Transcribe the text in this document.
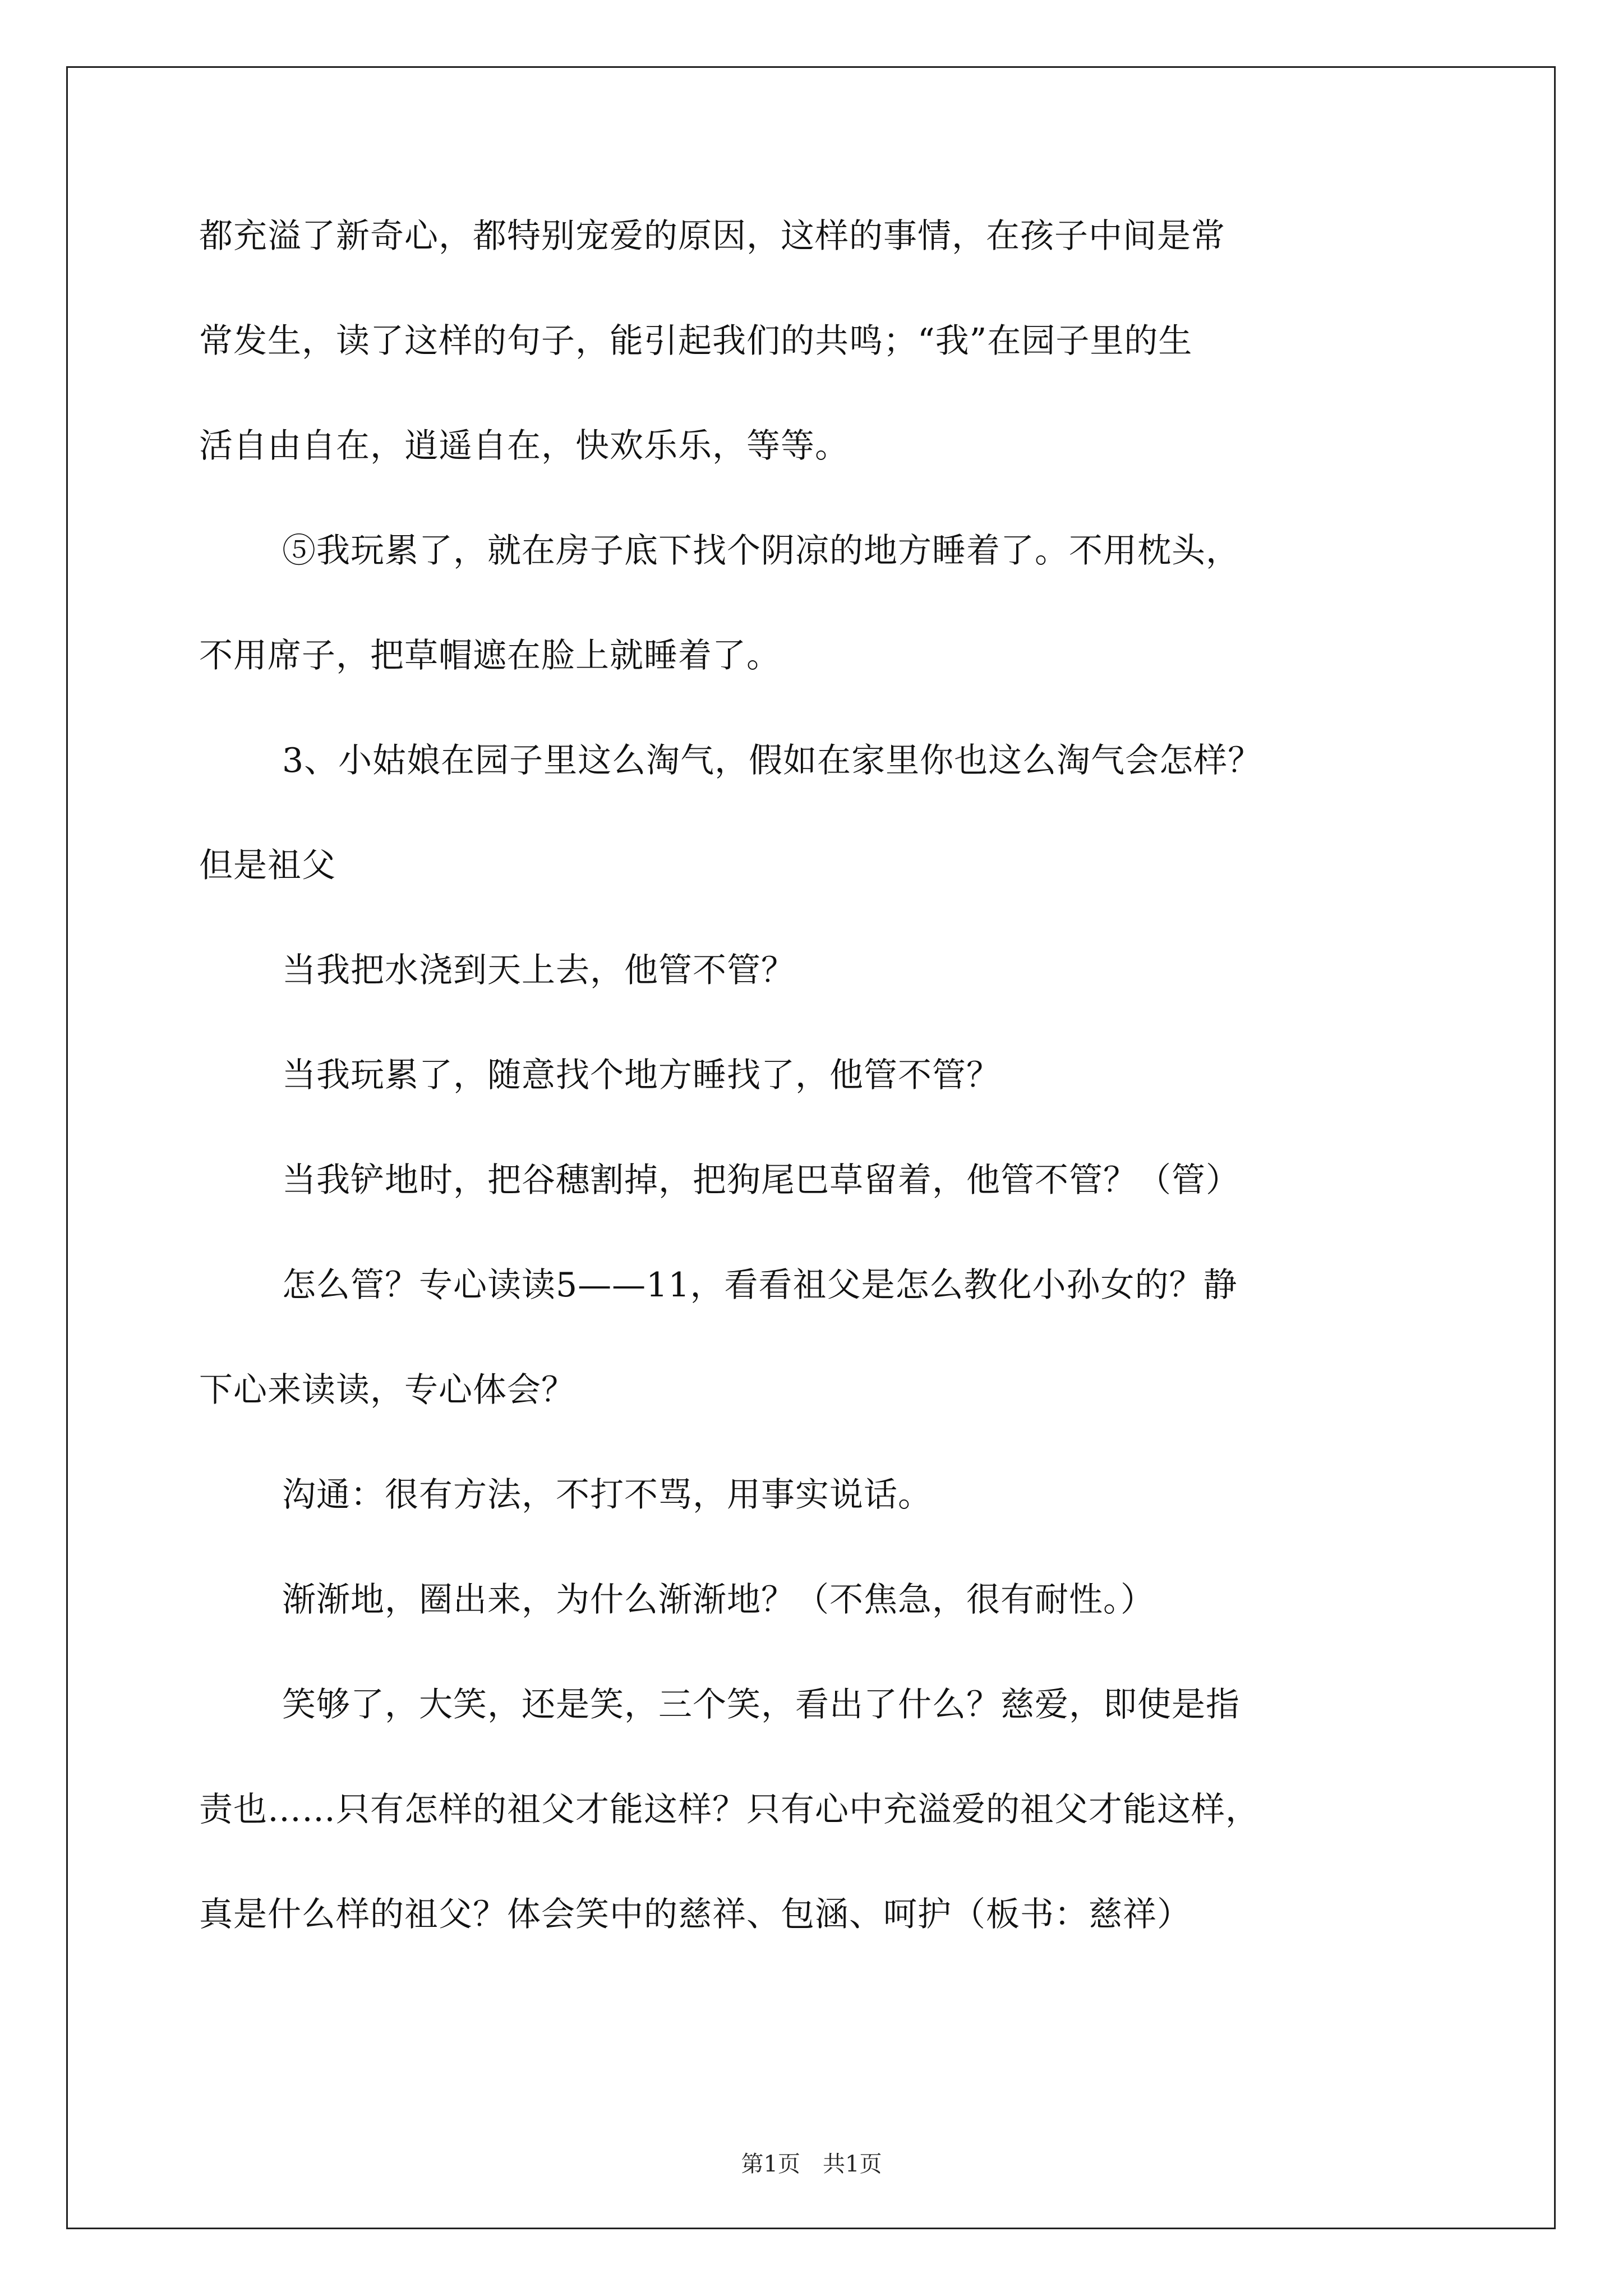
都充溢了新奇心，都特别宠爱的原因，这样的事情，在孩子中间是常

常发生，读了这样的句子，能引起我们的共鸣；“我”在园子里的生

活自由自在，逍遥自在，快欢乐乐，等等。

⑤我玩累了，就在房子底下找个阴凉的地方睡着了。不用枕头，

不用席子，把草帽遮在脸上就睡着了。

3、小姑娘在园子里这么淘气，假如在家里你也这么淘气会怎样？

但是祖父

当我把水浇到天上去，他管不管？

当我玩累了，随意找个地方睡找了，他管不管？

当我铲地时，把谷穗割掉，把狗尾巴草留着，他管不管？（管）

怎么管？专心读读5——11，看看祖父是怎么教化小孙女的？静

下心来读读，专心体会？

沟通：很有方法，不打不骂，用事实说话。

渐渐地，圈出来，为什么渐渐地？（不焦急，很有耐性。）

笑够了，大笑，还是笑，三个笑，看出了什么？慈爱，即使是指

责也……只有怎样的祖父才能这样？只有心中充溢爱的祖父才能这样，

真是什么样的祖父？体会笑中的慈祥、包涵、呵护（板书：慈祥）

第1页　共1页
